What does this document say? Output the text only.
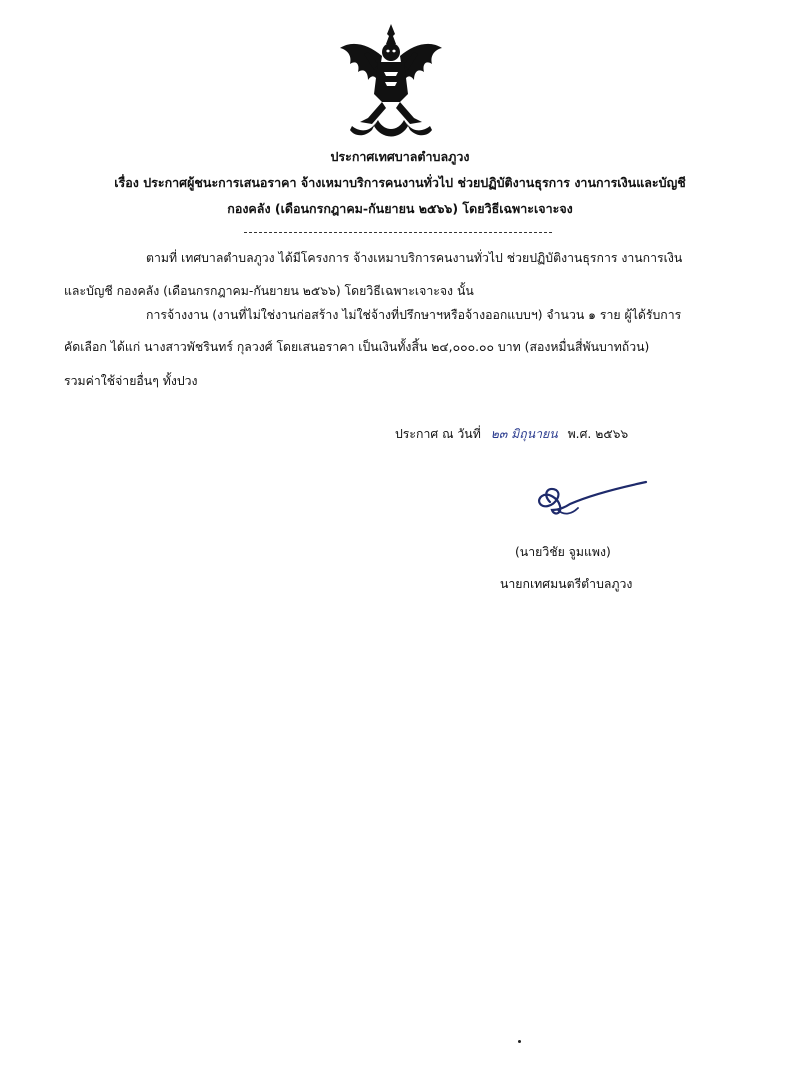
ประกาศเทศบาลตำบลภูวง
เรื่อง ประกาศผู้ชนะการเสนอราคา จ้างเหมาบริการคนงานทั่วไป ช่วยปฏิบัติงานธุรการ งานการเงินและบัญชี
กองคลัง (เดือนกรกฎาคม-กันยายน ๒๕๖๖) โดยวิธีเฉพาะเจาะจง
ตามที่ เทศบาลตำบลภูวง ได้มีโครงการ จ้างเหมาบริการคนงานทั่วไป ช่วยปฏิบัติงานธุรการ งานการเงิน
และบัญชี กองคลัง (เดือนกรกฎาคม-กันยายน ๒๕๖๖) โดยวิธีเฉพาะเจาะจง นั้น
การจ้างงาน (งานที่ไม่ใช่งานก่อสร้าง ไม่ใช่จ้างที่ปรึกษาฯหรือจ้างออกแบบฯ) จำนวน ๑ ราย ผู้ได้รับการ
คัดเลือก ได้แก่ นางสาวพัชรินทร์ กุลวงศ์ โดยเสนอราคา เป็นเงินทั้งสิ้น ๒๔,๐๐๐.๐๐ บาท (สองหมื่นสี่พันบาทถ้วน)
รวมค่าใช้จ่ายอื่นๆ ทั้งปวง
ประกาศ ณ วันที่ ๒๓ มิถุนายน พ.ศ. ๒๕๖๖
(นายวิชัย จูมแพง)
นายกเทศมนตรีตำบลภูวง
